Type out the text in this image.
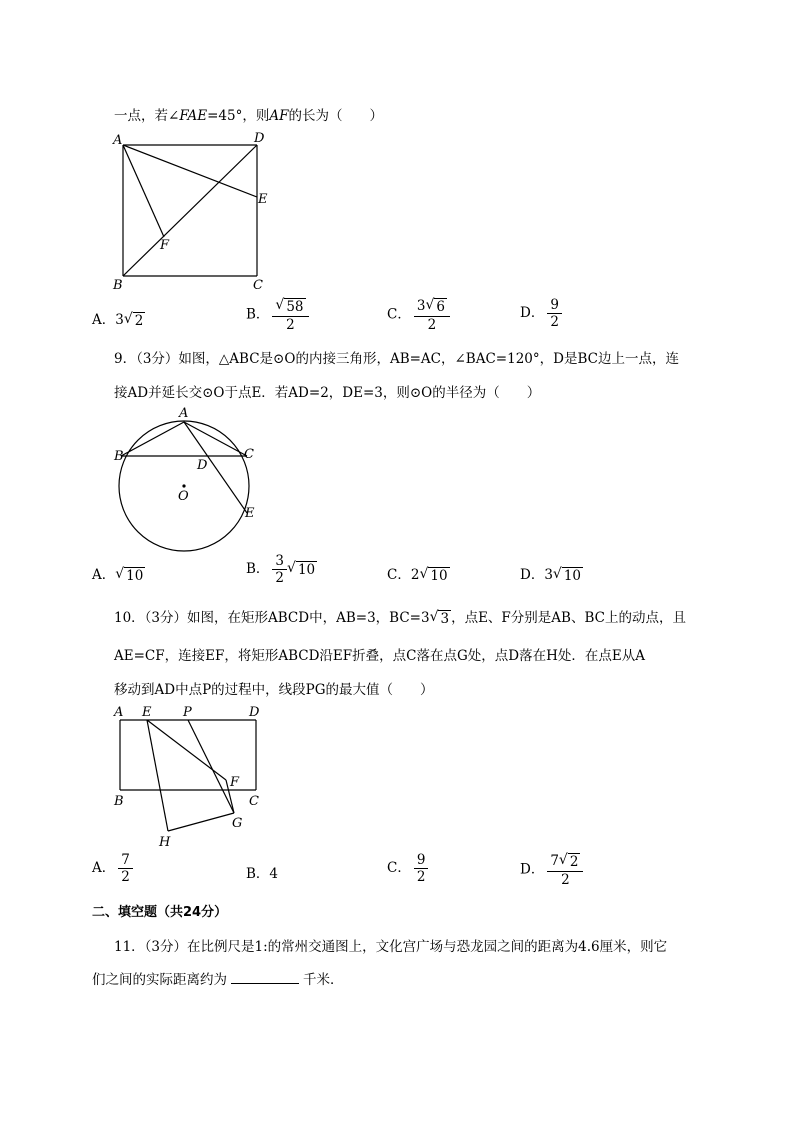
一点，若∠FAE=45°，则AF的长为（　　）
A	D
E
F
B	C
A．3 √ 2	B． $\frac{√ 58}{2}$	C． $\frac{3 √ 6}{2}$	D． $\frac{9}{2}$
9．（3分）如图，△ABC是⊙O的内接三角形，AB=AC，∠BAC=120°，D是BC边上一点，连
接AD并延长交⊙O于点E．若AD=2，DE=3，则⊙O的半径为（　　）
A
B	C
D
O
E
A． √ 10	B． $\frac{3}{2}$ √ 10	C．2 √ 10	D．3 √ 10
10．（3分）如图，在矩形ABCD中，AB=3，BC=3 √ 3 ，点E、F分别是AB、BC上的动点，且
AE=CF，连接EF，将矩形ABCD沿EF折叠，点C落在点G处，点D落在H处．在点E从A
移动到AD中点P的过程中，线段PG的最大值（　　）
A E P	D
F
B	C
G
H
A． $\frac{7}{2}$	B．4	C． $\frac{9}{2}$	D． $\frac{7 √ 2}{2}$
二、填空题（共24分）
11．（3分）在比例尺是1:的常州交通图上，文化宫广场与恐龙园之间的距离为4.6厘米，则它
们之间的实际距离约为	千米．
